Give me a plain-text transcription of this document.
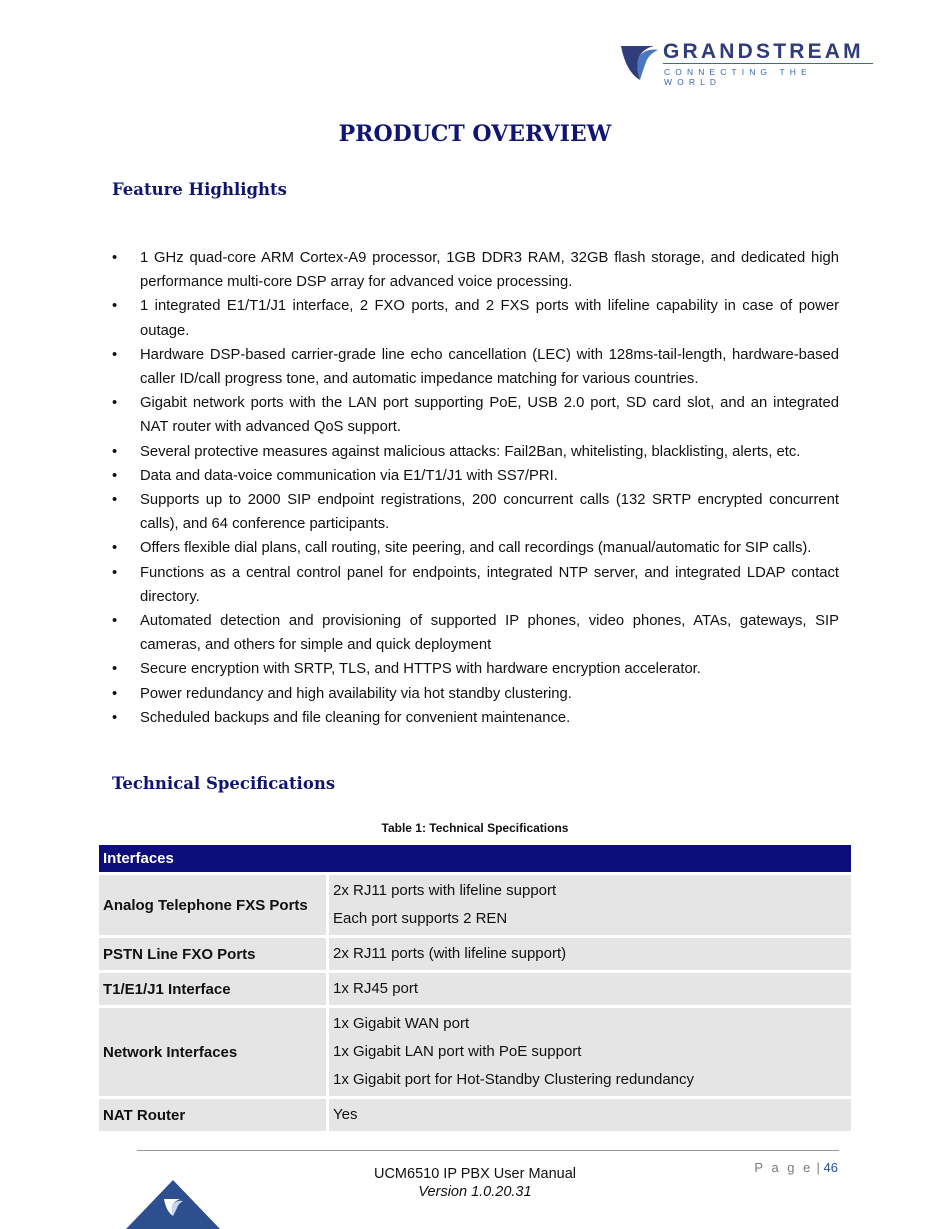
GRANDSTREAM
CONNECTING THE WORLD
PRODUCT OVERVIEW
Feature Highlights
• 1 GHz quad-core ARM Cortex-A9 processor, 1GB DDR3 RAM, 32GB flash storage, and dedicated high performance multi-core DSP array for advanced voice processing.
• 1 integrated E1/T1/J1 interface, 2 FXO ports, and 2 FXS ports with lifeline capability in case of power outage.
• Hardware DSP-based carrier-grade line echo cancellation (LEC) with 128ms-tail-length, hardware-based caller ID/call progress tone, and automatic impedance matching for various countries.
• Gigabit network ports with the LAN port supporting PoE, USB 2.0 port, SD card slot, and an integrated NAT router with advanced QoS support.
• Several protective measures against malicious attacks: Fail2Ban, whitelisting, blacklisting, alerts, etc.
• Data and data-voice communication via E1/T1/J1 with SS7/PRI.
• Supports up to 2000 SIP endpoint registrations, 200 concurrent calls (132 SRTP encrypted concurrent calls), and 64 conference participants.
• Offers flexible dial plans, call routing, site peering, and call recordings (manual/automatic for SIP calls).
• Functions as a central control panel for endpoints, integrated NTP server, and integrated LDAP contact directory.
• Automated detection and provisioning of supported IP phones, video phones, ATAs, gateways, SIP cameras, and others for simple and quick deployment
• Secure encryption with SRTP, TLS, and HTTPS with hardware encryption accelerator.
• Power redundancy and high availability via hot standby clustering.
• Scheduled backups and file cleaning for convenient maintenance.
Technical Specifications

Table 1: Technical Specifications

Interfaces	
Analog Telephone FXS Ports	2x RJ11 ports with lifeline support
Each port supports 2 REN

PSTN Line FXO Ports	2x RJ11 ports (with lifeline support)

T1/E1/J1 Interface	1x RJ45 port

Network Interfaces	1x Gigabit WAN port
1x Gigabit LAN port with PoE support
1x Gigabit port for Hot-Standby Clustering redundancy

NAT Router	Yes

P a g e | 46

UCM6510 IP PBX User Manual

Version 1.0.20.31
